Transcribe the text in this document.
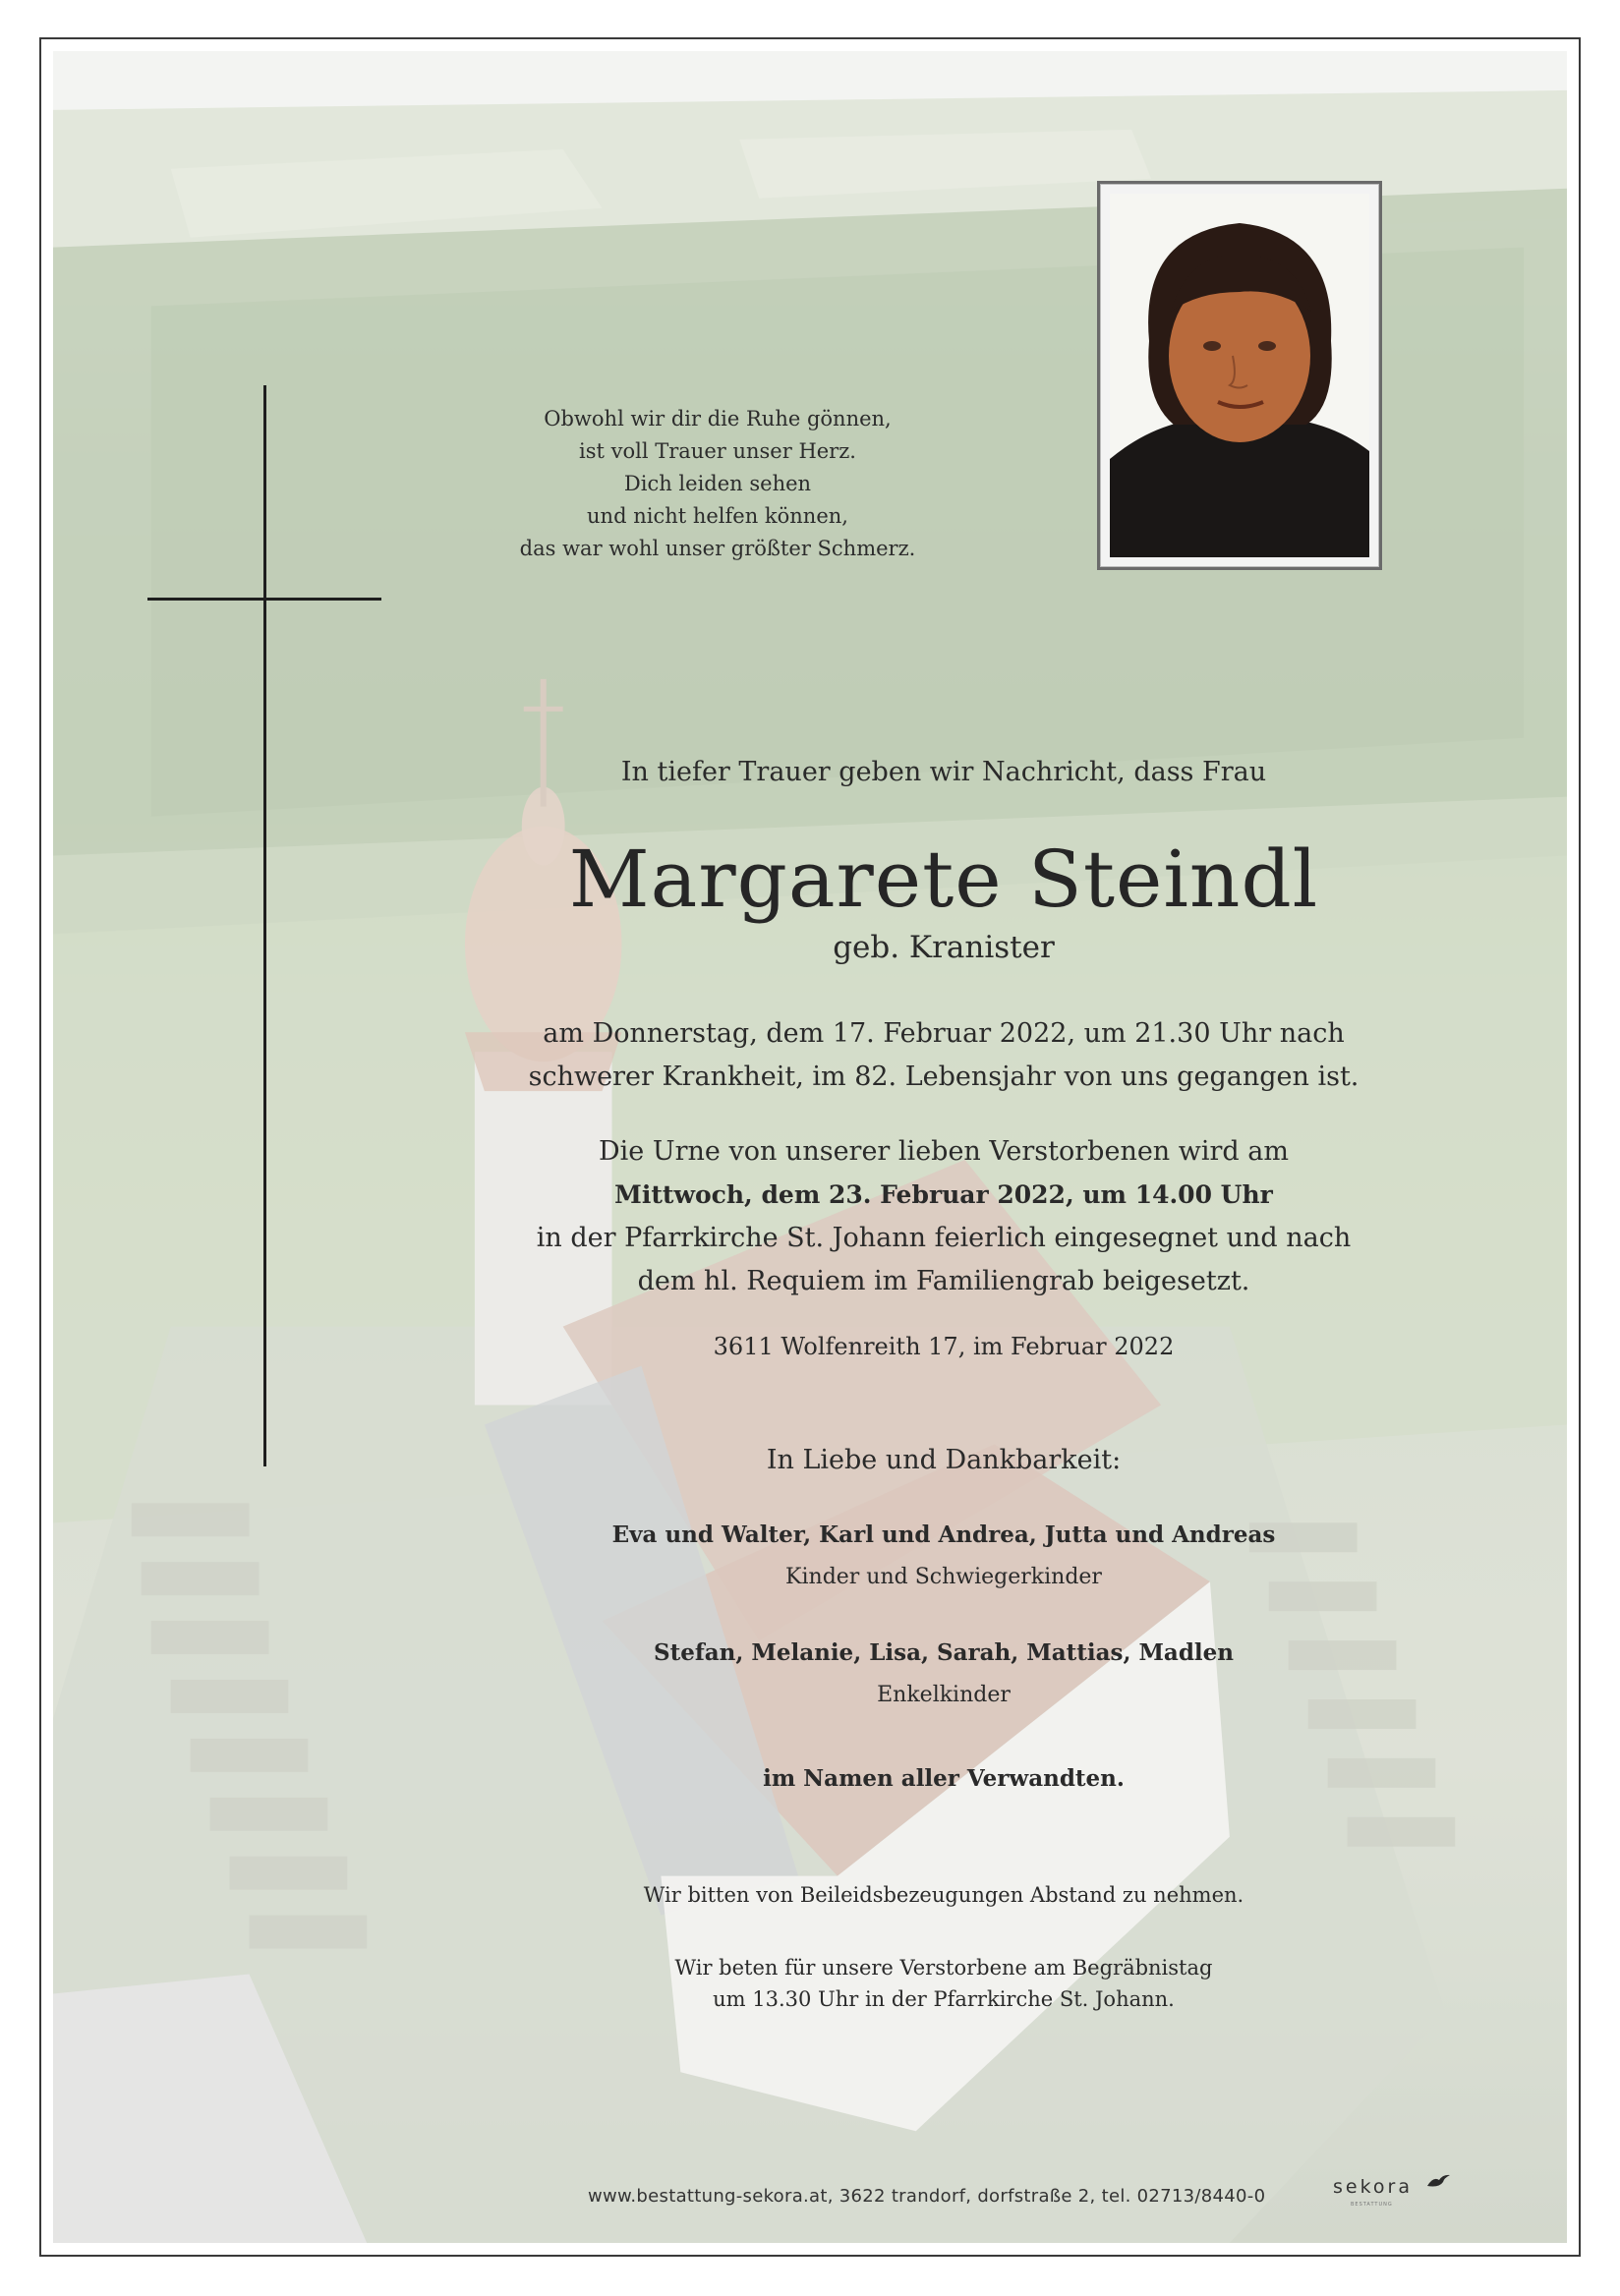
Obwohl wir dir die Ruhe gönnen,
ist voll Trauer unser Herz.
Dich leiden sehen
und nicht helfen können,
das war wohl unser größter Schmerz.
In tiefer Trauer geben wir Nachricht, dass Frau
Margarete Steindl
geb. Kranister
am Donnerstag, dem 17. Februar 2022, um 21.30 Uhr nach
schwerer Krankheit, im 82. Lebensjahr von uns gegangen ist.
Die Urne von unserer lieben Verstorbenen wird am
Mittwoch, dem 23. Februar 2022, um 14.00 Uhr
in der Pfarrkirche St. Johann feierlich eingesegnet und nach
dem hl. Requiem im Familiengrab beigesetzt.
3611 Wolfenreith 17, im Februar 2022
In Liebe und Dankbarkeit:
Eva und Walter, Karl und Andrea, Jutta und Andreas
Kinder und Schwiegerkinder
Stefan, Melanie, Lisa, Sarah, Mattias, Madlen
Enkelkinder
im Namen aller Verwandten.
Wir bitten von Beileidsbezeugungen Abstand zu nehmen.
Wir beten für unsere Verstorbene am Begräbnistag
um 13.30 Uhr in der Pfarrkirche St. Johann.
www.bestattung-sekora.at, 3622 trandorf, dorfstraße 2, tel. 02713/8440-0	sekora
BESTATTUNG
